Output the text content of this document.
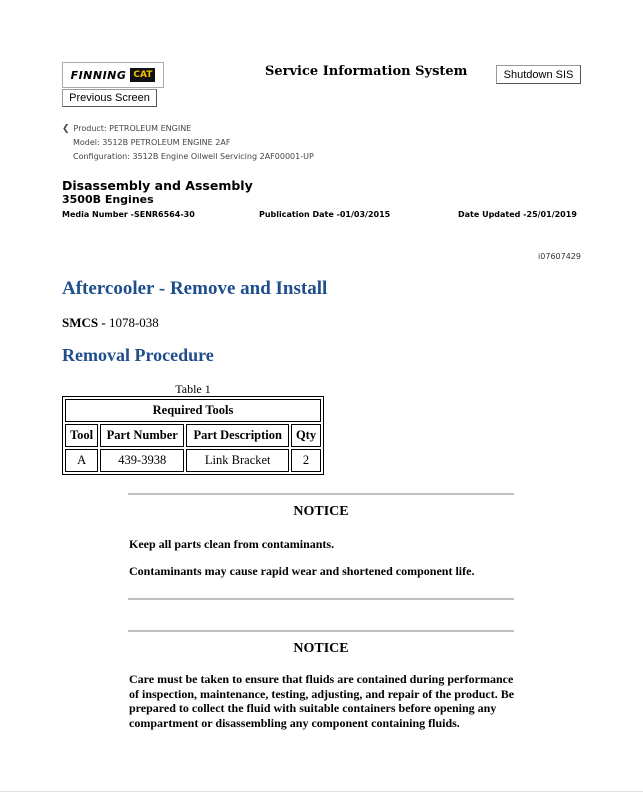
FINNING CAT	Service Information System	Shutdown SIS
Previous Screen
❮ Product: PETROLEUM ENGINE
Model: 3512B PETROLEUM ENGINE 2AF
Configuration: 3512B Engine Oilwell Servicing 2AF00001-UP
Disassembly and Assembly
3500B Engines
Media Number -SENR6564-30	Publication Date -01/03/2015	Date Updated -25/01/2019
i07607429
Aftercooler - Remove and Install
SMCS - 1078-038
Removal Procedure
Table 1
Required Tools			
Tool	Part Number	Part Description	Qty
A	439-3938	Link Bracket	2
NOTICE
Keep all parts clean from contaminants.
Contaminants may cause rapid wear and shortened component life.
NOTICE
Care must be taken to ensure that fluids are contained during performance of inspection, maintenance, testing, adjusting, and repair of the product. Be prepared to collect the fluid with suitable containers before opening any compartment or disassembling any component containing fluids.
